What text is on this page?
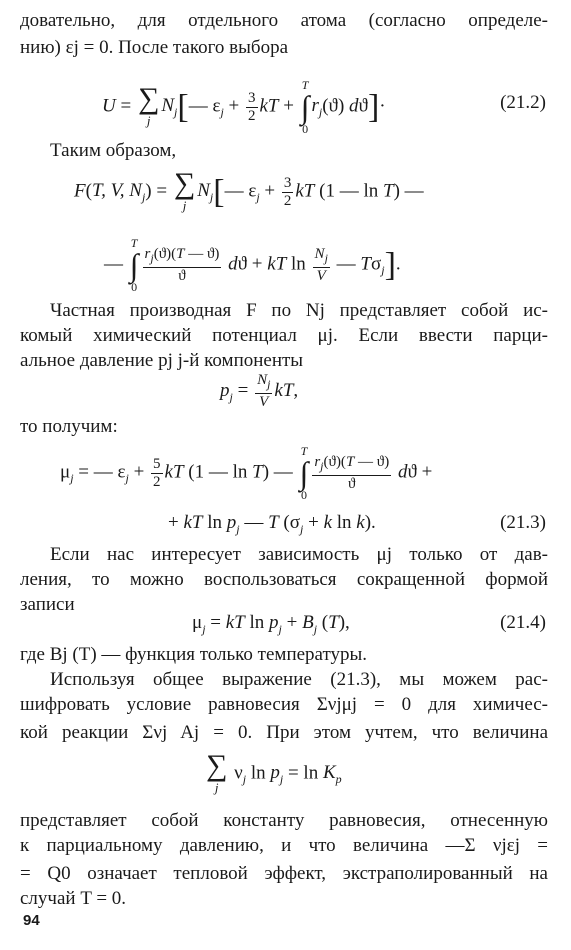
довательно, для отдельного атома (согласно определе-

нию) εj = 0. После такого выбора

U = ∑
j
$N_j[—$ $\varepsilon_j + \frac{3}{2}$ kT +
T
∫
0
$r_j(ϑ)$ dϑ]·	(21.2)

Таким образом,

F(T, V, $N_j$) = ∑
j
$N_j[—$ $\varepsilon_j + \frac{3}{2}$ kT (1 — ln T) —
—
T
∫
0
$\frac{r_j(ϑ)(T — ϑ)}{ϑ}$ dϑ + kT $\ln \frac{N_j}{V}$ — $T\sigma_j$].

Частная производная F по Nj представляет собой ис-

комый химический потенциал μj. Если ввести парци-

альное давление pj j-й компоненты

$p_j = \frac{N_j}{V}$ kT,

то получим:

$\mu_j$ = — $\varepsilon_j + \frac{5}{2}$ kT (1 — ln T) —
T
∫
0
$\frac{r_j(ϑ)(T — ϑ)}{ϑ}$ dϑ +
+ kT $\ln p_j$ — T ($\sigma_j + k$ ln k).	(21.3)

Если нас интересует зависимость μj только от дав-

ления, то можно воспользоваться сокращенной формой

записи

$\mu_j$ = kT $\ln p_j + B_j$ (T),	(21.4)

где Bj (T) — функция только температуры.

Используя общее выражение (21.3), мы можем рас-

шифровать условие равновесия Σνjμj = 0 для химичес-

кой реакции Σνj Aj = 0. При этом учтем, что величина

∑
j
$\nu_j$ $\ln p_j = \ln K_p$

представляет собой константу равновесия, отнесенную

к парциальному давлению, и что величина —Σ νjεj =

= Q0 означает тепловой эффект, экстраполированный на

случай T = 0.

94
